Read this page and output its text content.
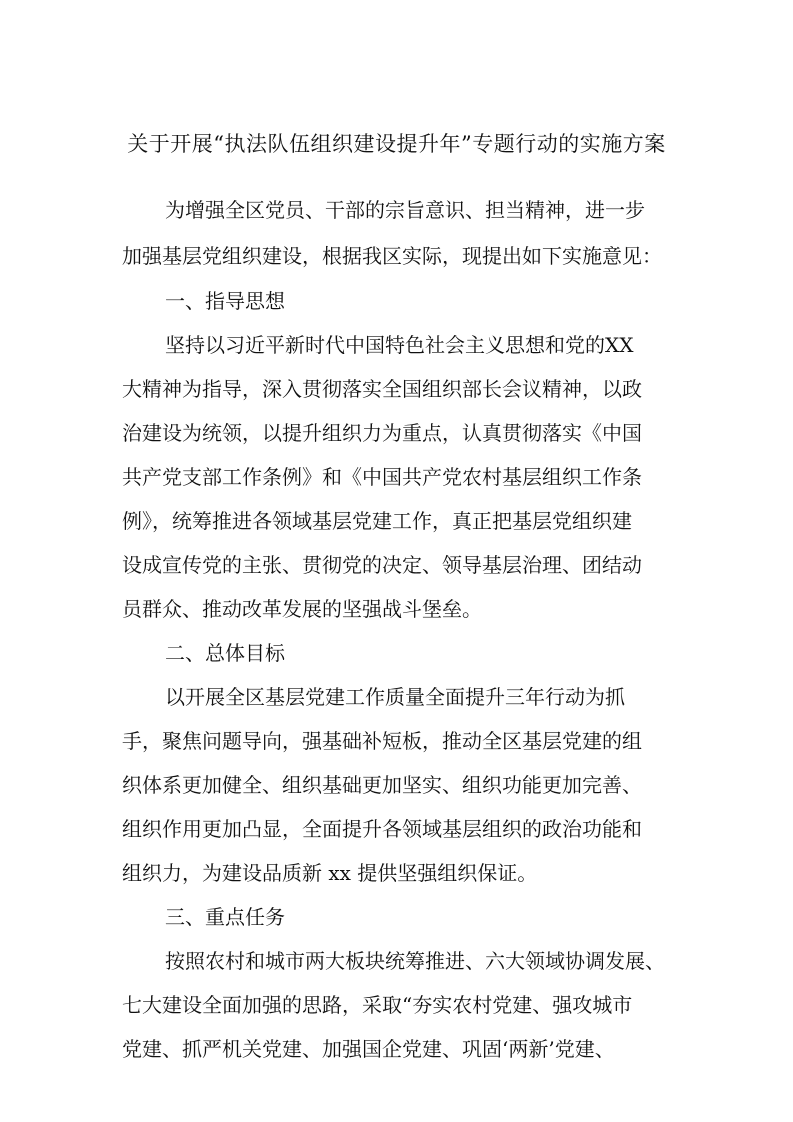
关于开展“执法队伍组织建设提升年”专题行动的实施方案
为增强全区党员、干部的宗旨意识、担当精神，进一步
加强基层党组织建设，根据我区实际，现提出如下实施意见：
一、指导思想
坚持以习近平新时代中国特色社会主义思想和党的XX
大精神为指导，深入贯彻落实全国组织部长会议精神，以政
治建设为统领，以提升组织力为重点，认真贯彻落实《中国
共产党支部工作条例》和《中国共产党农村基层组织工作条
例》，统筹推进各领域基层党建工作，真正把基层党组织建
设成宣传党的主张、贯彻党的决定、领导基层治理、团结动
员群众、推动改革发展的坚强战斗堡垒。
二、总体目标
以开展全区基层党建工作质量全面提升三年行动为抓
手，聚焦问题导向，强基础补短板，推动全区基层党建的组
织体系更加健全、组织基础更加坚实、组织功能更加完善、
组织作用更加凸显，全面提升各领域基层组织的政治功能和
组织力，为建设品质新 xx 提供坚强组织保证。
三、重点任务
按照农村和城市两大板块统筹推进、六大领域协调发展、
七大建设全面加强的思路，采取“夯实农村党建、强攻城市
党建、抓严机关党建、加强国企党建、巩固‘两新’党建、
